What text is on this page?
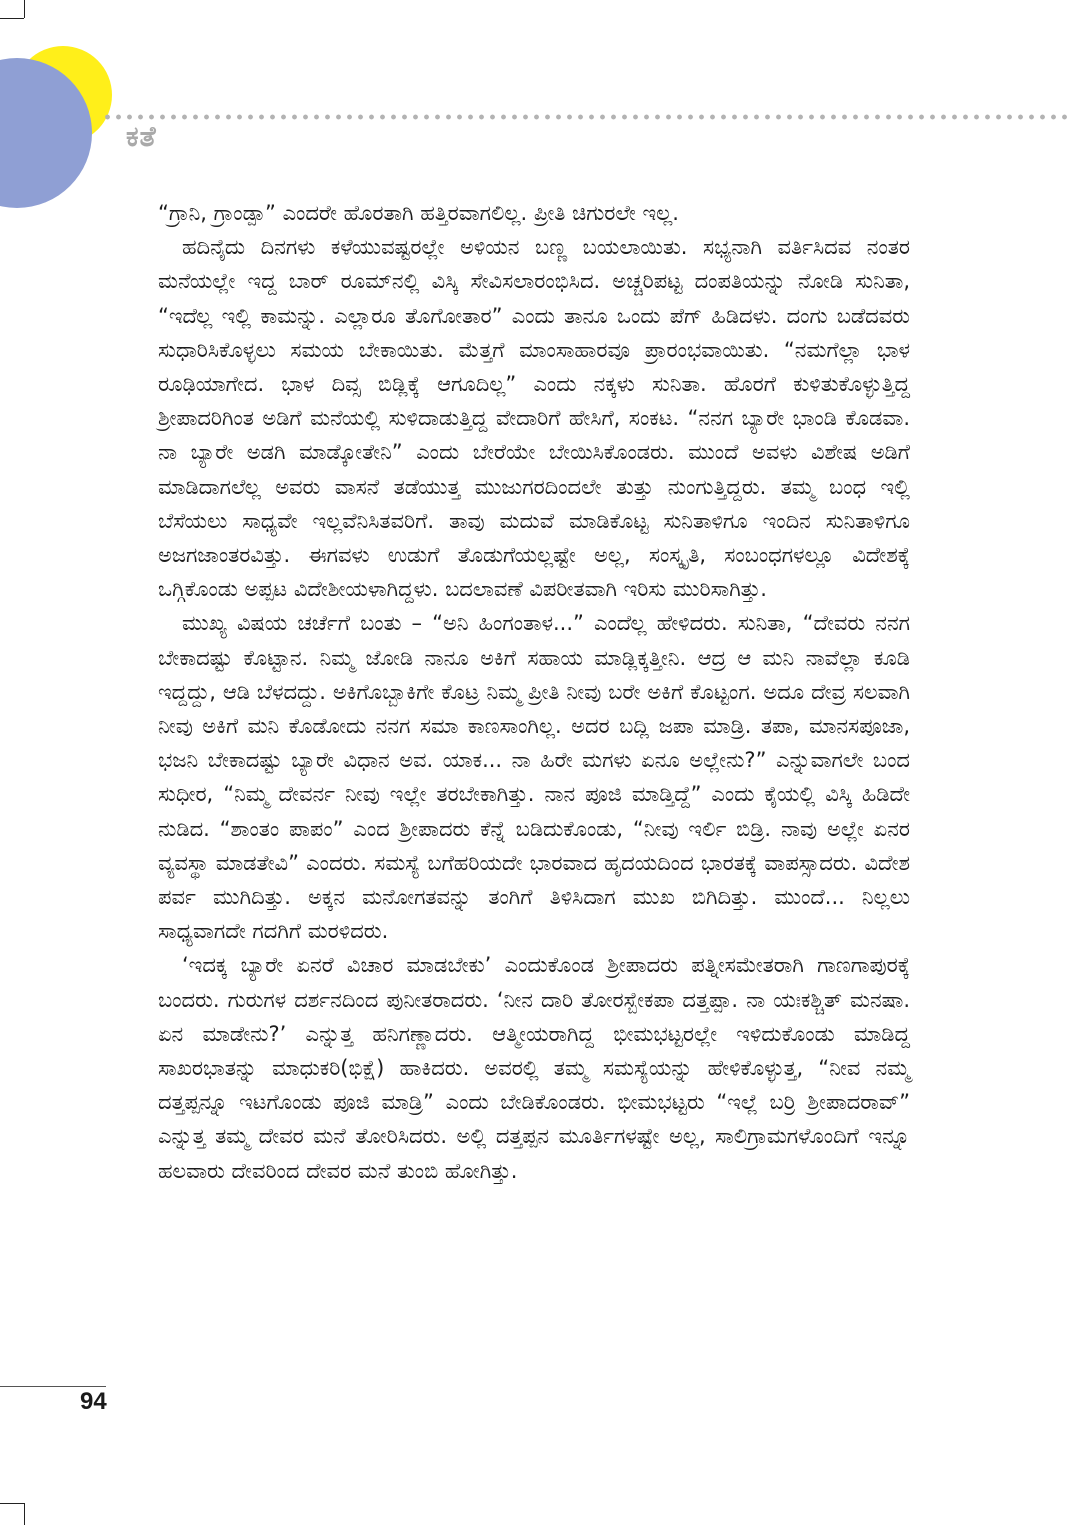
ಕತೆ

“ಗ್ರಾನಿ, ಗ್ರಾಂಡ್ಪಾ” ಎಂದರೇ ಹೊರತಾಗಿ ಹತ್ತಿರವಾಗಲಿಲ್ಲ. ಪ್ರೀತಿ ಚಿಗುರಲೇ ಇಲ್ಲ.

ಹದಿನೈದು ದಿನಗಳು ಕಳೆಯುವಷ್ಟರಲ್ಲೇ ಅಳಿಯನ ಬಣ್ಣ ಬಯಲಾಯಿತು. ಸಭ್ಯನಾಗಿ ವರ್ತಿಸಿದವ ನಂತರ ಮನೆಯಲ್ಲೇ ಇದ್ದ ಬಾರ್ ರೂಮ್‌ನಲ್ಲಿ ವಿಸ್ಕಿ ಸೇವಿಸಲಾರಂಭಿಸಿದ. ಅಚ್ಚರಿಪಟ್ಟ ದಂಪತಿಯನ್ನು ನೋಡಿ ಸುನಿತಾ, “ಇದೆಲ್ಲ ಇಲ್ಲಿ ಕಾಮನ್ನು. ಎಲ್ಲಾರೂ ತೊಗೋತಾರ” ಎಂದು ತಾನೂ ಒಂದು ಪೆಗ್ ಹಿಡಿದಳು. ದಂಗು ಬಡೆದವರು ಸುಧಾರಿಸಿಕೊಳ್ಳಲು ಸಮಯ ಬೇಕಾಯಿತು. ಮೆತ್ತಗೆ ಮಾಂಸಾಹಾರವೂ ಪ್ರಾರಂಭವಾಯಿತು. “ನಮಗೆಲ್ಲಾ ಭಾಳ ರೂಢಿಯಾಗೇದ. ಭಾಳ ದಿವ್ಸ ಬಿಡ್ಲಿಕ್ಕೆ ಆಗೂದಿಲ್ಲ” ಎಂದು ನಕ್ಕಳು ಸುನಿತಾ. ಹೊರಗೆ ಕುಳಿತುಕೊಳ್ಳುತ್ತಿದ್ದ ಶ್ರೀಪಾದರಿಗಿಂತ ಅಡಿಗೆ ಮನೆಯಲ್ಲಿ ಸುಳಿದಾಡುತ್ತಿದ್ದ ವೇದಾರಿಗೆ ಹೇಸಿಗೆ, ಸಂಕಟ. “ನನಗ ಬ್ಯಾರೇ ಭಾಂಡಿ ಕೊಡವಾ. ನಾ ಬ್ಯಾರೇ ಅಡಗಿ ಮಾಡ್ಕೋತೇನಿ” ಎಂದು ಬೇರೆಯೇ ಬೇಯಿಸಿಕೊಂಡರು. ಮುಂದೆ ಅವಳು ವಿಶೇಷ ಅಡಿಗೆ ಮಾಡಿದಾಗಲೆಲ್ಲ ಅವರು ವಾಸನೆ ತಡೆಯುತ್ತ ಮುಜುಗರದಿಂದಲೇ ತುತ್ತು ನುಂಗುತ್ತಿದ್ದರು. ತಮ್ಮ ಬಂಧ ಇಲ್ಲಿ ಬೆಸೆಯಲು ಸಾಧ್ಯವೇ ಇಲ್ಲವೆನಿಸಿತವರಿಗೆ. ತಾವು ಮದುವೆ ಮಾಡಿಕೊಟ್ಟ ಸುನಿತಾಳಿಗೂ ಇಂದಿನ ಸುನಿತಾಳಿಗೂ ಅಜಗಜಾಂತರವಿತ್ತು. ಈಗವಳು ಉಡುಗೆ ತೊಡುಗೆಯಲ್ಲಷ್ಟೇ ಅಲ್ಲ, ಸಂಸ್ಕೃತಿ, ಸಂಬಂಧಗಳಲ್ಲೂ ವಿದೇಶಕ್ಕೆ ಒಗ್ಗಿಕೊಂಡು ಅಪ್ಪಟ ವಿದೇಶೀಯಳಾಗಿದ್ದಳು. ಬದಲಾವಣೆ ವಿಪರೀತವಾಗಿ ಇರಿಸು ಮುರಿಸಾಗಿತ್ತು.

ಮುಖ್ಯ ವಿಷಯ ಚರ್ಚೆಗೆ ಬಂತು – “ಅನಿ ಹಿಂಗಂತಾಳ...” ಎಂದೆಲ್ಲ ಹೇಳಿದರು. ಸುನಿತಾ, “ದೇವರು ನನಗ ಬೇಕಾದಷ್ಟು ಕೊಟ್ಟಾನ. ನಿಮ್ಮ ಜೋಡಿ ನಾನೂ ಅಕಿಗೆ ಸಹಾಯ ಮಾಡ್ಲಿಕ್ಕತ್ತೀನಿ. ಆದ್ರ ಆ ಮನಿ ನಾವೆಲ್ಲಾ ಕೂಡಿ ಇದ್ದದ್ದು, ಆಡಿ ಬೆಳದದ್ದು. ಅಕಿಗೊಬ್ಬಾಕಿಗೇ ಕೊಟ್ರ ನಿಮ್ಮ ಪ್ರೀತಿ ನೀವು ಬರೇ ಅಕಿಗೆ ಕೊಟ್ಟಂಗ. ಅದೂ ದೇವ್ರ ಸಲವಾಗಿ ನೀವು ಅಕಿಗೆ ಮನಿ ಕೊಡೋದು ನನಗ ಸಮಾ ಕಾಣಸಾಂಗಿಲ್ಲ. ಅದರ ಬದ್ಲಿ ಜಪಾ ಮಾಡ್ರಿ. ತಪಾ, ಮಾನಸಪೂಜಾ, ಭಜನಿ ಬೇಕಾದಷ್ಟು ಬ್ಯಾರೇ ವಿಧಾನ ಅವ. ಯಾಕ... ನಾ ಹಿರೇ ಮಗಳು ಏನೂ ಅಲ್ಲೇನು?” ಎನ್ನುವಾಗಲೇ ಬಂದ ಸುಧೀರ, “ನಿಮ್ಮ ದೇವರ್ನ ನೀವು ಇಲ್ಲೇ ತರಬೇಕಾಗಿತ್ತು. ನಾನ ಪೂಜಿ ಮಾಡ್ತಿದ್ದೆ” ಎಂದು ಕೈಯಲ್ಲಿ ವಿಸ್ಕಿ ಹಿಡಿದೇ ನುಡಿದ. “ಶಾಂತಂ ಪಾಪಂ” ಎಂದ ಶ್ರೀಪಾದರು ಕೆನ್ನೆ ಬಡಿದುಕೊಂಡು, “ನೀವು ಇರ್ಲಿ ಬಿಡ್ರಿ. ನಾವು ಅಲ್ಲೇ ಏನರ ವ್ಯವಸ್ಥಾ ಮಾಡತೇವಿ” ಎಂದರು. ಸಮಸ್ಯೆ ಬಗೆಹರಿಯದೇ ಭಾರವಾದ ಹೃದಯದಿಂದ ಭಾರತಕ್ಕೆ ವಾಪಸ್ಸಾದರು. ವಿದೇಶ ಪರ್ವ ಮುಗಿದಿತ್ತು. ಅಕ್ಕನ ಮನೋಗತವನ್ನು ತಂಗಿಗೆ ತಿಳಿಸಿದಾಗ ಮುಖ ಬಿಗಿದಿತ್ತು. ಮುಂದೆ... ನಿಲ್ಲಲು ಸಾಧ್ಯವಾಗದೇ ಗದಗಿಗೆ ಮರಳಿದರು.

‘ಇದಕ್ಕ ಬ್ಯಾರೇ ಏನರೆ ವಿಚಾರ ಮಾಡಬೇಕು’ ಎಂದುಕೊಂಡ ಶ್ರೀಪಾದರು ಪತ್ನೀಸಮೇತರಾಗಿ ಗಾಣಗಾಪುರಕ್ಕೆ ಬಂದರು. ಗುರುಗಳ ದರ್ಶನದಿಂದ ಪುನೀತರಾದರು. ‘ನೀನ ದಾರಿ ತೋರಸ್ಬೇಕಪಾ ದತ್ತಪ್ಪಾ. ನಾ ಯಃಕಶ್ಚಿತ್ ಮನಷಾ. ಏನ ಮಾಡೇನು?’ ಎನ್ನುತ್ತ ಹನಿಗಣ್ಣಾದರು. ಆತ್ಮೀಯರಾಗಿದ್ದ ಭೀಮಭಟ್ಟರಲ್ಲೇ ಇಳಿದುಕೊಂಡು ಮಾಡಿದ್ದ ಸಾಖರಭಾತನ್ನು ಮಾಧುಕರಿ(ಭಿಕ್ಷೆ) ಹಾಕಿದರು. ಅವರಲ್ಲಿ ತಮ್ಮ ಸಮಸ್ಯೆಯನ್ನು ಹೇಳಿಕೊಳ್ಳುತ್ತ, “ನೀವ ನಮ್ಮ ದತ್ತಪ್ಪನ್ನೂ ಇಟಗೊಂಡು ಪೂಜಿ ಮಾಡ್ರಿ” ಎಂದು ಬೇಡಿಕೊಂಡರು. ಭೀಮಭಟ್ಟರು “ಇಲ್ಲೆ ಬರ್ರಿ ಶ್ರೀಪಾದರಾವ್” ಎನ್ನುತ್ತ ತಮ್ಮ ದೇವರ ಮನೆ ತೋರಿಸಿದರು. ಅಲ್ಲಿ ದತ್ತಪ್ಪನ ಮೂರ್ತಿಗಳಷ್ಟೇ ಅಲ್ಲ, ಸಾಲಿಗ್ರಾಮಗಳೊಂದಿಗೆ ಇನ್ನೂ ಹಲವಾರು ದೇವರಿಂದ ದೇವರ ಮನೆ ತುಂಬಿ ಹೋಗಿತ್ತು.

94
